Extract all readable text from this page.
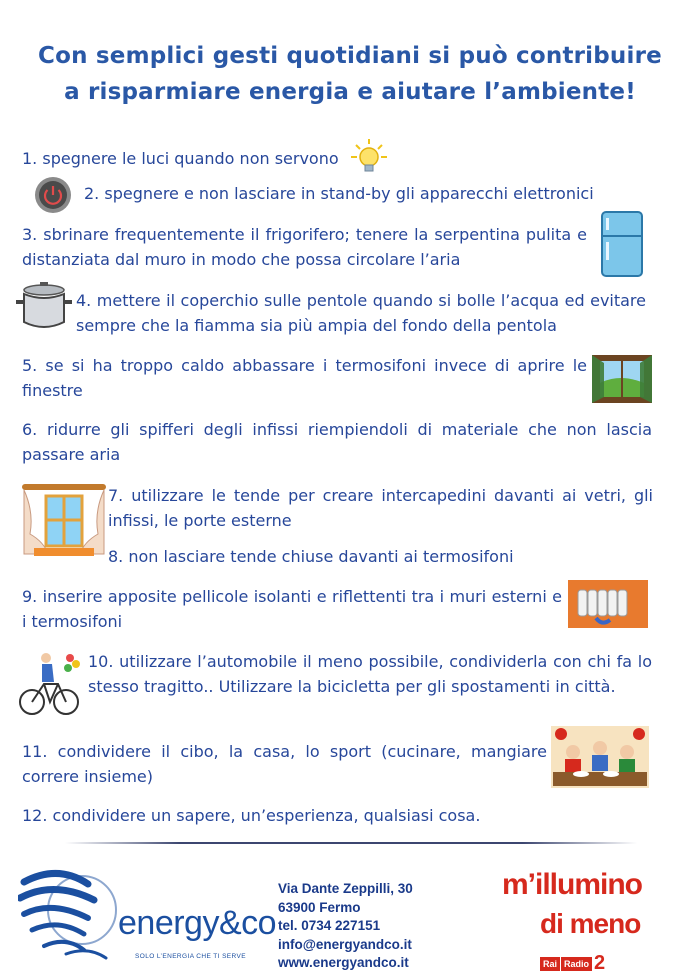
Con semplici gesti quotidiani si può contribuire
a risparmiare energia e aiutare l’ambiente!
1. spegnere le luci quando non servono
2. spegnere e non lasciare in stand-by gli apparecchi elettronici
3. sbrinare frequentemente il frigorifero; tenere la serpentina pulita e distanziata dal muro in modo che possa circolare l’aria
4. mettere il coperchio sulle pentole quando si bolle l’acqua ed evitare sempre che la fiamma sia più ampia del fondo della pentola
5. se si ha troppo caldo abbassare i termosifoni invece di aprire le finestre
6. ridurre gli spifferi degli infissi riempiendoli di materiale che non lascia passare aria
7. utilizzare le tende per creare intercapedini davanti ai vetri, gli infissi, le porte esterne
8. non lasciare tende chiuse davanti ai termosifoni
9. inserire apposite pellicole isolanti e riflettenti tra i muri esterni e i termosifoni
10. utilizzare l’automobile il meno possibile, condividerla con chi fa lo stesso tragitto.. Utilizzare la bicicletta per gli spostamenti in città.
11. condividere il cibo, la casa, lo sport (cucinare, mangiare correre insieme)
12. condividere un sapere, un’esperienza, qualsiasi cosa.
energy&co
SOLO L’ENERGIA CHE TI SERVE
Via Dante Zeppilli, 30
63900 Fermo
tel. 0734 227151
info@energyandco.it
www.energyandco.it
m’illumino
di meno
Rai Radio 2
